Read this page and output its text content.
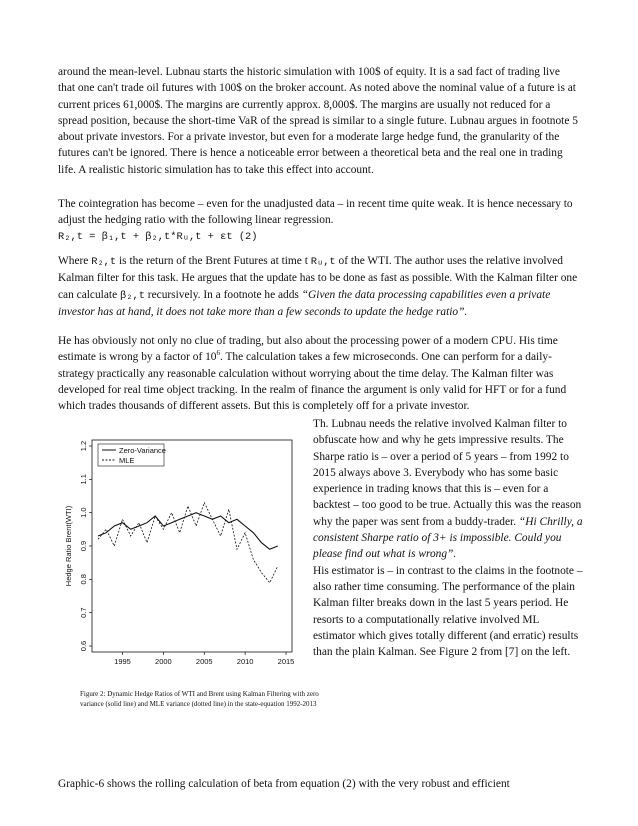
around the mean-level. Lubnau starts the historic simulation with 100$ of equity. It is a sad fact of trading live that one can't trade oil futures with 100$ on the broker account. As noted above the nominal value of a future is at current prices 61,000$. The margins are currently approx. 8,000$. The margins are usually not reduced for a spread position, because the short-time VaR of the spread is similar to a single future. Lubnau argues in footnote 5 about private investors. For a private investor, but even for a moderate large hedge fund, the granularity of the futures can't be ignored. There is hence a noticeable error between a theoretical beta and the real one in trading life. A realistic historic simulation has to take this effect into account.

The cointegration has become – even for the unadjusted data – in recent time quite weak. It is hence necessary to adjust the hedging ratio with the following linear regression.

R₂,t = β₁,t + β₂,t*Rᵤ,t + εt (2)

Where R₂,t is the return of the Brent Futures at time t Rᵤ,t of the WTI. The author uses the relative involved Kalman filter for this task. He argues that the update has to be done as fast as possible. With the Kalman filter one can calculate β₂,t recursively. In a footnote he adds “Given the data processing capabilities even a private investor has at hand, it does not take more than a few seconds to update the hedge ratio”.

He has obviously not only no clue of trading, but also about the processing power of a modern CPU. His time estimate is wrong by a factor of $10^6$. The calculation takes a few microseconds. One can perform for a daily-strategy practically any reasonable calculation without worrying about the time delay. The Kalman filter was developed for real time object tracking. In the realm of finance the argument is only valid for HFT or for a fund which trades thousands of different assets. But this is completely off for a private investor.

Th. Lubnau needs the relative involved Kalman filter to obfuscate how and why he gets impressive results. The Sharpe ratio is – over a period of 5 years – from 1992 to 2015 always above 3. Everybody who has some basic experience in trading knows that this is – even for a backtest – too good to be true. Actually this was the reason why the paper was sent from a buddy-trader. “Hi Chrilly, a consistent Sharpe ratio of 3+ is impossible. Could you please find out what is wrong”.
His estimator is – in contrast to the claims in the footnote – also rather time consuming. The performance of the plain Kalman filter breaks down in the last 5 years period. He resorts to a computationally relative involved ML estimator which gives totally different (and erratic) results than the plain Kalman. See Figure 2 from [7] on the left.

0.6
0.7
0.8
0.9
1.0
1.1
1.2
1995	2000	2005	2010	2015
Zero-Variance
MLE
Hedge Ratio Brent(WTI)
Figure 2: Dynamic Hedge Ratios of WTI and Brent using Kalman Filtering with zero variance (solid line) and MLE variance (dotted line) in the state-equation 1992-2013

Graphic-6 shows the rolling calculation of beta from equation (2) with the very robust and efficient
